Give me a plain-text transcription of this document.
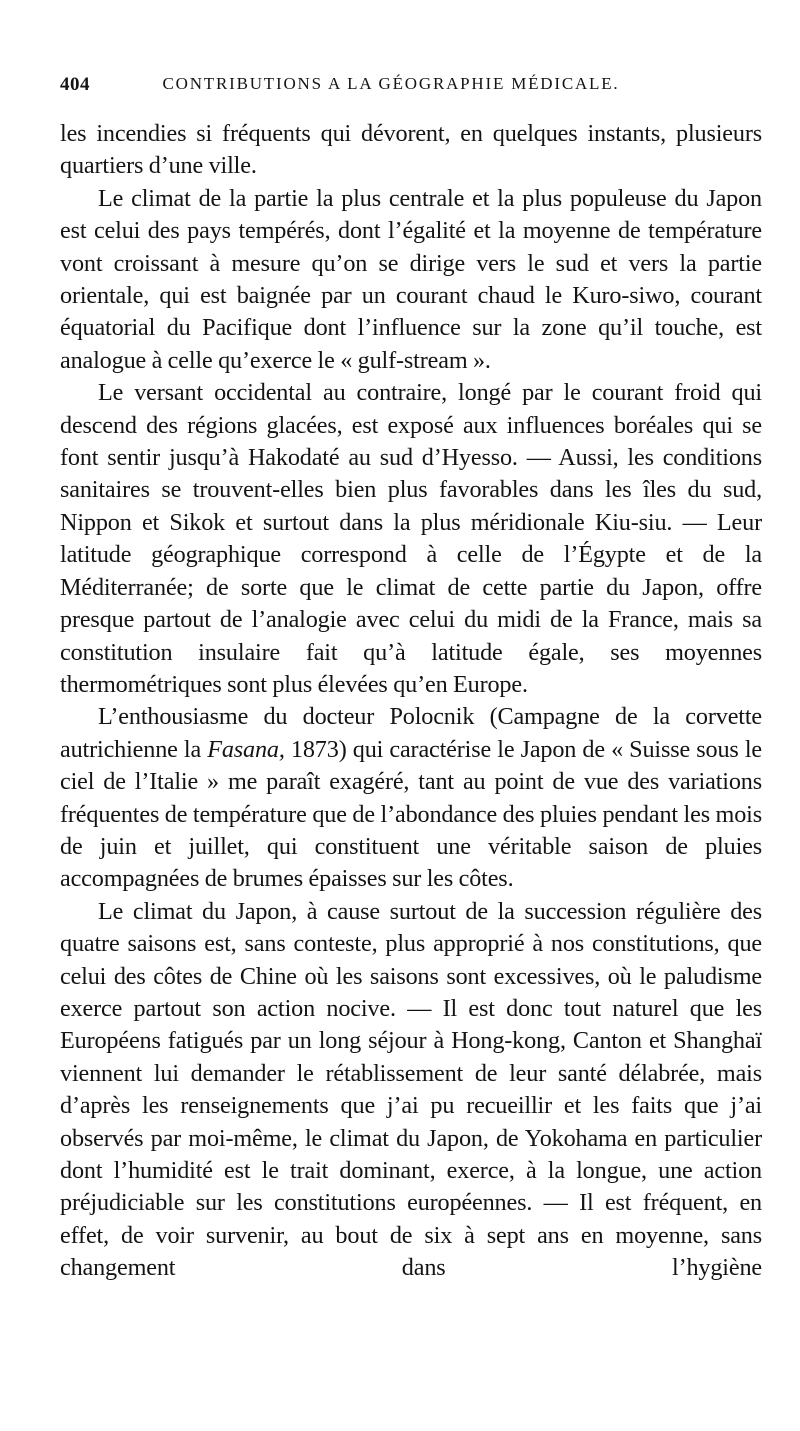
404	CONTRIBUTIONS A LA GÉOGRAPHIE MÉDICALE.

les incendies si fréquents qui dévorent, en quelques instants, plusieurs quartiers d’une ville.

Le climat de la partie la plus centrale et la plus populeuse du Japon est celui des pays tempérés, dont l’égalité et la moyenne de température vont croissant à mesure qu’on se dirige vers le sud et vers la partie orientale, qui est baignée par un courant chaud le Kuro-siwo, courant équatorial du Pacifique dont l’influence sur la zone qu’il touche, est analogue à celle qu’exerce le « gulf-stream ».

Le versant occidental au contraire, longé par le courant froid qui descend des régions glacées, est exposé aux influences boréales qui se font sentir jusqu’à Hakodaté au sud d’Hyesso. — Aussi, les conditions sanitaires se trouvent-elles bien plus favorables dans les îles du sud, Nippon et Sikok et surtout dans la plus méridionale Kiu-siu. — Leur latitude géographique correspond à celle de l’Égypte et de la Méditerranée; de sorte que le climat de cette partie du Japon, offre presque partout de l’analogie avec celui du midi de la France, mais sa constitution insulaire fait qu’à latitude égale, ses moyennes thermométriques sont plus élevées qu’en Europe.

L’enthousiasme du docteur Polocnik (Campagne de la corvette autrichienne la Fasana, 1873) qui caractérise le Japon de « Suisse sous le ciel de l’Italie » me paraît exagéré, tant au point de vue des variations fréquentes de température que de l’abondance des pluies pendant les mois de juin et juillet, qui constituent une véritable saison de pluies accompagnées de brumes épaisses sur les côtes.

Le climat du Japon, à cause surtout de la succession régulière des quatre saisons est, sans conteste, plus approprié à nos constitutions, que celui des côtes de Chine où les saisons sont excessives, où le paludisme exerce partout son action nocive. — Il est donc tout naturel que les Européens fatigués par un long séjour à Hong-kong, Canton et Shanghaï viennent lui demander le rétablissement de leur santé délabrée, mais d’après les renseignements que j’ai pu recueillir et les faits que j’ai observés par moi-même, le climat du Japon, de Yokohama en particulier dont l’humidité est le trait dominant, exerce, à la longue, une action préjudiciable sur les constitutions européennes. — Il est fréquent, en effet, de voir survenir, au bout de six à sept ans en moyenne, sans changement dans l’hygiène
